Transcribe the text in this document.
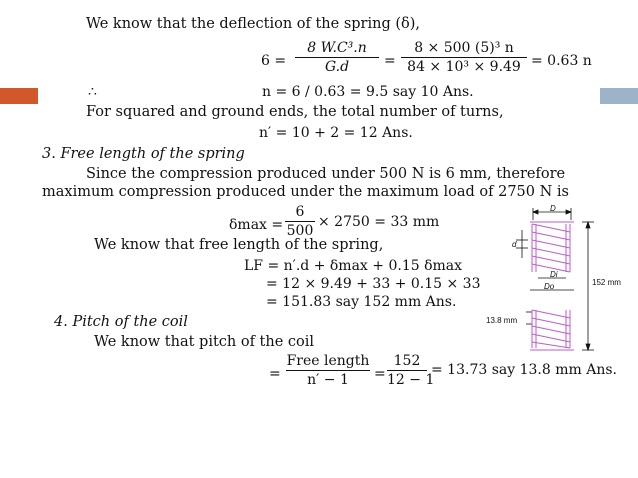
We know that the deflection of the spring (δ),
6 =
8 W.C³.n
G.d	=
8 × 500 (5)³ n
84 × 10³ × 9.49 = 0.63 n
∴	n = 6 / 0.63 = 9.5 say 10 Ans.
For squared and ground ends, the total number of turns,
n′ = 10 + 2 = 12 Ans.
3. Free length of the spring
Since the compression produced under 500 N is 6 mm, therefore
maximum compression produced under the maximum load of 2750 N is
δmax =
6
500
× 2750 = 33 mm
We know that free length of the spring,
LF = n′.d + δmax + 0.15 δmax
= 12 × 9.49 + 33 + 0.15 × 33
= 151.83 say 152 mm Ans.
4. Pitch of the coil
We know that pitch of the coil
=
Free length
n′ − 1	=
152
12 − 1
= 13.73 say 13.8 mm Ans.
D
d
Di
Do	152 mm
13.8 mm
